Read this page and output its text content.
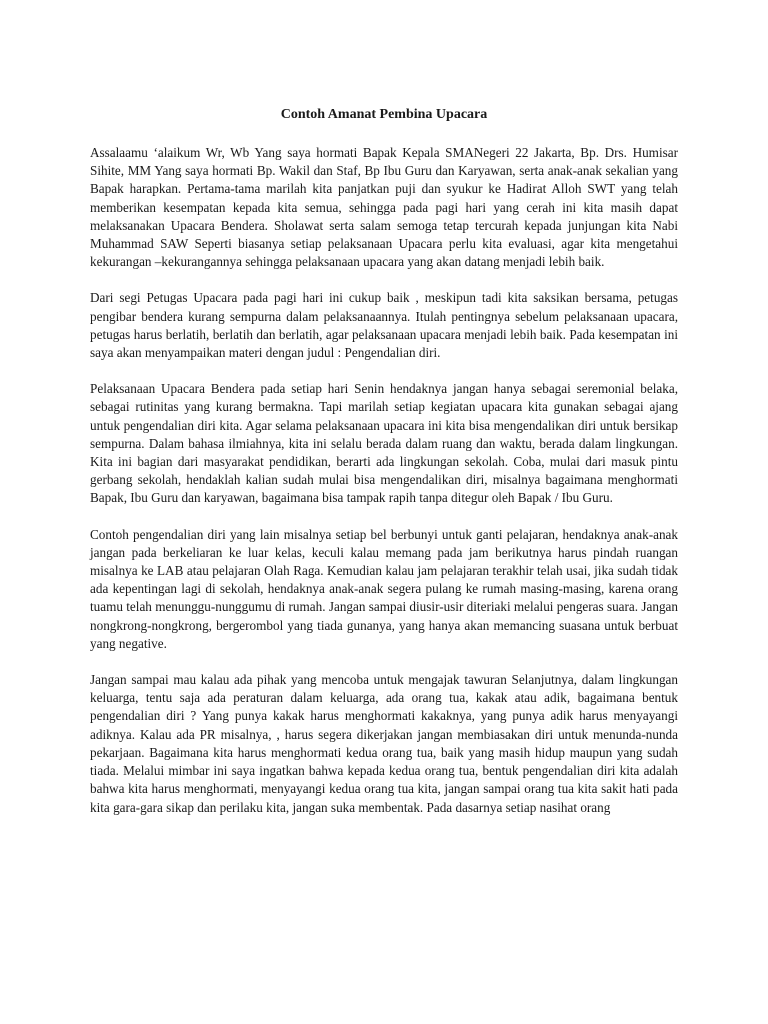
Contoh Amanat Pembina Upacara

Assalaamu ‘alaikum Wr, Wb Yang saya hormati Bapak Kepala SMANegeri 22 Jakarta, Bp. Drs. Humisar Sihite, MM Yang saya hormati Bp. Wakil dan Staf, Bp Ibu Guru dan Karyawan, serta anak-anak sekalian yang Bapak harapkan. Pertama-tama marilah kita panjatkan puji dan syukur ke Hadirat Alloh SWT yang telah memberikan kesempatan kepada kita semua, sehingga pada pagi hari yang cerah ini kita masih dapat melaksanakan Upacara Bendera. Sholawat serta salam semoga tetap tercurah kepada junjungan kita Nabi Muhammad SAW Seperti biasanya setiap pelaksanaan Upacara perlu kita evaluasi, agar kita mengetahui kekurangan –kekurangannya sehingga pelaksanaan upacara yang akan datang menjadi lebih baik.

Dari segi Petugas Upacara pada pagi hari ini cukup baik , meskipun tadi kita saksikan bersama, petugas pengibar bendera kurang sempurna dalam pelaksanaannya. Itulah pentingnya sebelum pelaksanaan upacara, petugas harus berlatih, berlatih dan berlatih, agar pelaksanaan upacara menjadi lebih baik. Pada kesempatan ini saya akan menyampaikan materi dengan judul : Pengendalian diri.

Pelaksanaan Upacara Bendera pada setiap hari Senin hendaknya jangan hanya sebagai seremonial belaka, sebagai rutinitas yang kurang bermakna. Tapi marilah setiap kegiatan upacara kita gunakan sebagai ajang untuk pengendalian diri kita. Agar selama pelaksanaan upacara ini kita bisa mengendalikan diri untuk bersikap sempurna. Dalam bahasa ilmiahnya, kita ini selalu berada dalam ruang dan waktu, berada dalam lingkungan. Kita ini bagian dari masyarakat pendidikan, berarti ada lingkungan sekolah. Coba, mulai dari masuk pintu gerbang sekolah, hendaklah kalian sudah mulai bisa mengendalikan diri, misalnya bagaimana menghormati Bapak, Ibu Guru dan karyawan, bagaimana bisa tampak rapih tanpa ditegur oleh Bapak / Ibu Guru.

Contoh pengendalian diri yang lain misalnya setiap bel berbunyi untuk ganti pelajaran, hendaknya anak-anak jangan pada berkeliaran ke luar kelas, keculi kalau memang pada jam berikutnya harus pindah ruangan misalnya ke LAB atau pelajaran Olah Raga. Kemudian kalau jam pelajaran terakhir telah usai, jika sudah tidak ada kepentingan lagi di sekolah, hendaknya anak-anak segera pulang ke rumah masing-masing, karena orang tuamu telah menunggu-nunggumu di rumah. Jangan sampai diusir-usir diteriaki melalui pengeras suara. Jangan nongkrong-nongkrong, bergerombol yang tiada gunanya, yang hanya akan memancing suasana untuk berbuat yang negative.

Jangan sampai mau kalau ada pihak yang mencoba untuk mengajak tawuran Selanjutnya, dalam lingkungan keluarga, tentu saja ada peraturan dalam keluarga, ada orang tua, kakak atau adik, bagaimana bentuk pengendalian diri ? Yang punya kakak harus menghormati kakaknya, yang punya adik harus menyayangi adiknya. Kalau ada PR misalnya, , harus segera dikerjakan jangan membiasakan diri untuk menunda-nunda pekarjaan. Bagaimana kita harus menghormati kedua orang tua, baik yang masih hidup maupun yang sudah tiada. Melalui mimbar ini saya ingatkan bahwa kepada kedua orang tua, bentuk pengendalian diri kita adalah bahwa kita harus menghormati, menyayangi kedua orang tua kita, jangan sampai orang tua kita sakit hati pada kita gara-gara sikap dan perilaku kita, jangan suka membentak. Pada dasarnya setiap nasihat orang
